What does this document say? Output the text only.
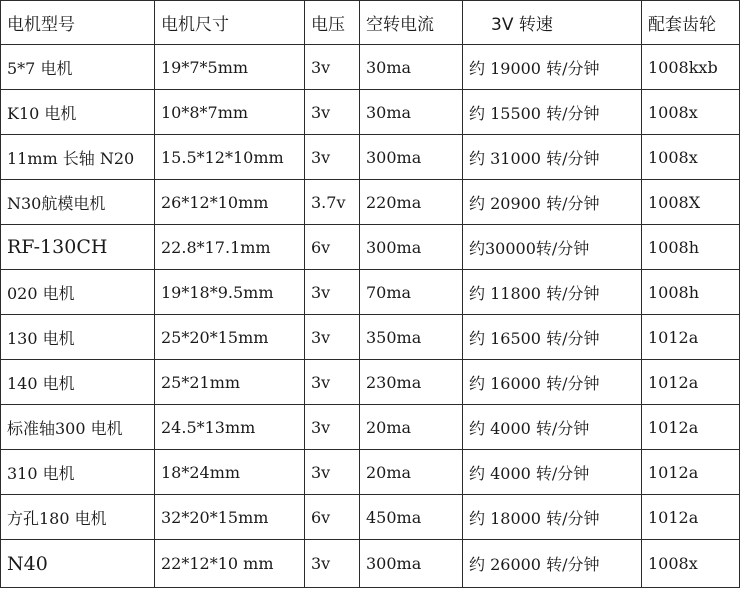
电机型号	电机尺寸	电压	空转电流	3V 转速	配套齿轮
5*7 电机	19*7*5mm	3v	30ma	约 19000 转/分钟	1008kxb
K10 电机	10*8*7mm	3v	30ma	约 15500 转/分钟	1008x
11mm 长轴 N20	15.5*12*10mm	3v	300ma	约 31000 转/分钟	1008x
N30航模电机	26*12*10mm	3.7v	220ma	约 20900 转/分钟	1008X
RF-130CH	22.8*17.1mm	6v	300ma	约30000转/分钟	1008h
020 电机	19*18*9.5mm	3v	70ma	约 11800 转/分钟	1008h
130 电机	25*20*15mm	3v	350ma	约 16500 转/分钟	1012a
140 电机	25*21mm	3v	230ma	约 16000 转/分钟	1012a
标准轴300 电机	24.5*13mm	3v	20ma	约 4000 转/分钟	1012a
310 电机	18*24mm	3v	20ma	约 4000 转/分钟	1012a
方孔180 电机	32*20*15mm	6v	450ma	约 18000 转/分钟	1012a
N40	22*12*10 mm	3v	300ma	约 26000 转/分钟	1008x
